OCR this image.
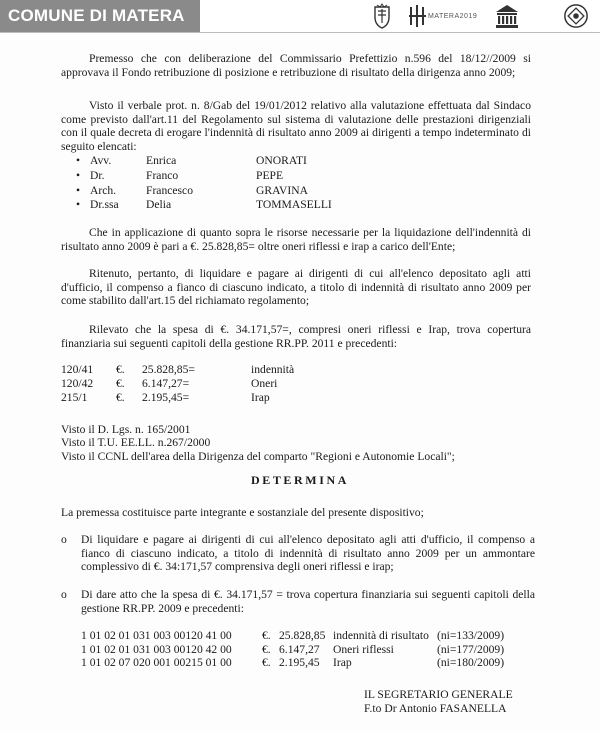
COMUNE DI MATERA	MATERA2019

Premesso che con deliberazione del Commissario Prefettizio n.596 del 18/12//2009 si approvava il Fondo retribuzione di posizione e retribuzione di risultato della dirigenza anno 2009;

Visto il verbale prot. n. 8/Gab del 19/01/2012 relativo alla valutazione effettuata dal Sindaco come previsto dall'art.11 del Regolamento sul sistema di valutazione delle prestazioni dirigenziali con il quale decreta di erogare l'indennità di risultato anno 2009 ai dirigenti a tempo indeterminato di seguito elencati:

• Avv.	Enrica	ONORATI
• Dr.	Franco	PEPE
• Arch.	Francesco	GRAVINA
• Dr.ssa Delia	TOMMASELLI

Che in applicazione di quanto sopra le risorse necessarie per la liquidazione dell'indennità di risultato anno 2009 è pari a €. 25.828,85= oltre oneri riflessi e irap a carico dell'Ente;

Ritenuto, pertanto, di liquidare e pagare ai dirigenti di cui all'elenco depositato agli atti d'ufficio, il compenso a fianco di ciascuno indicato, a titolo di indennità di risultato anno 2009 per come stabilito dall'art.15 del richiamato regolamento;

Rilevato che la spesa di €. 34.171,57=, compresi oneri riflessi e Irap, trova copertura finanziaria sui seguenti capitoli della gestione RR.PP. 2011 e precedenti:

120/41 €. 25.828,85=	indennità
120/42 €. 6.147,27=	Oneri
215/1 €. 2.195,45=	Irap
Visto il D. Lgs. n. 165/2001
Visto il T.U. EE.LL. n.267/2000
Visto il CCNL dell'area della Dirigenza del comparto "Regioni e Autonomie Locali";
DETERMINA
La premessa costituisce parte integrante e sostanziale del presente dispositivo;
o Di liquidare e pagare ai dirigenti di cui all'elenco depositato agli atti d'ufficio, il compenso a fianco di ciascuno indicato, a titolo di indennità di risultato anno 2009 per un ammontare complessivo di €. 34:171,57 comprensiva degli oneri riflessi e irap;
o Di dare atto che la spesa di €. 34.171,57 = trova copertura finanziaria sui seguenti capitoli della gestione RR.PP. 2009 e precedenti:
1 01 02 01 031 003 00120 41 00	€. 25.828,85 indennità di risultato (ni=133/2009)
1 01 02 01 031 003 00120 42 00	€. 6.147,27 Oneri riflessi	(ni=177/2009)
1 01 02 07 020 001 00215 01 00	€. 2.195,45 Irap	(ni=180/2009)
IL SEGRETARIO GENERALE
F.to Dr Antonio FASANELLA
